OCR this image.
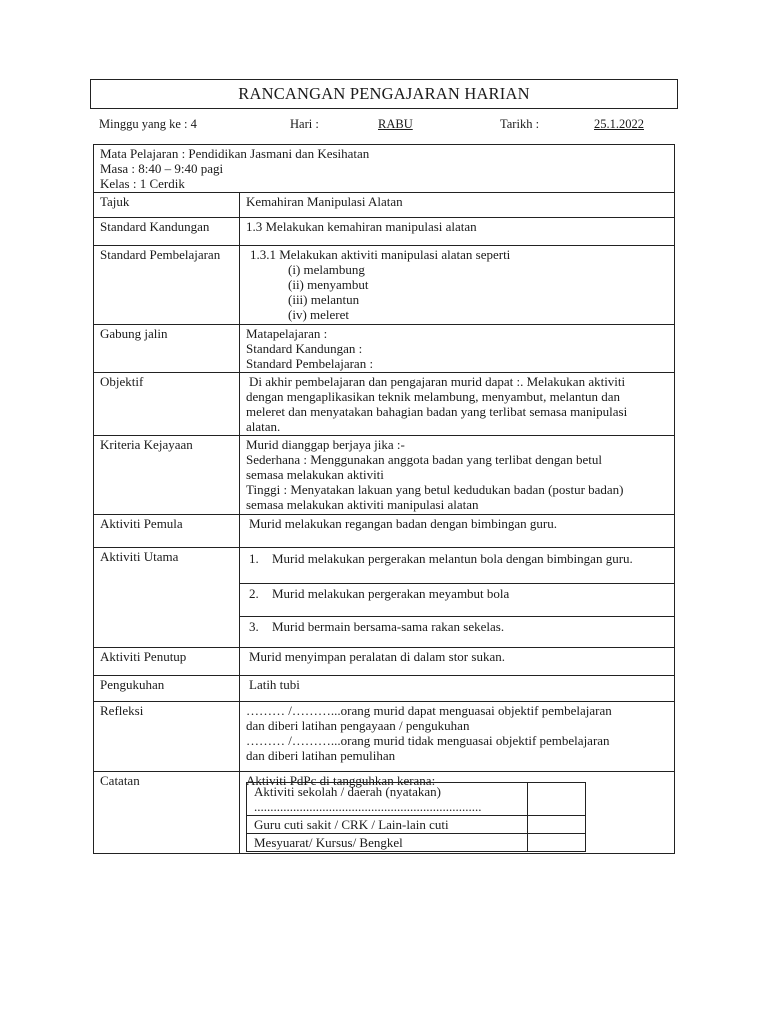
RANCANGAN PENGAJARAN HARIAN
Minggu yang ke : 4	Hari :	RABU	Tarikh :	25.1.2022
Mata Pelajaran : Pendidikan Jasmani dan Kesihatan
Masa : 8:40 – 9:40 pagi
Kelas : 1 Cerdik
Tajuk	Kemahiran Manipulasi Alatan
Standard Kandungan	1.3 Melakukan kemahiran manipulasi alatan
Standard Pembelajaran 1.3.1 Melakukan aktiviti manipulasi alatan seperti
(i) melambung
(ii) menyambut
(iii) melantun
(iv) meleret
Gabung jalin	Matapelajaran :
Standard Kandungan :
Standard Pembelajaran :
Objektif	Di akhir pembelajaran dan pengajaran murid dapat :. Melakukan aktiviti
dengan mengaplikasikan teknik melambung, menyambut, melantun dan
meleret dan menyatakan bahagian badan yang terlibat semasa manipulasi
alatan.
Kriteria Kejayaan	Murid dianggap berjaya jika :-
Sederhana : Menggunakan anggota badan yang terlibat dengan betul
semasa melakukan aktiviti
Tinggi : Menyatakan lakuan yang betul kedudukan badan (postur badan)
semasa melakukan aktiviti manipulasi alatan
Aktiviti Pemula	Murid melakukan regangan badan dengan bimbingan guru.
Aktiviti Utama	1. Murid melakukan pergerakan melantun bola dengan bimbingan guru.
2. Murid melakukan pergerakan meyambut bola
3. Murid bermain bersama-sama rakan sekelas.
Aktiviti Penutup	Murid menyimpan peralatan di dalam stor sukan.
Pengukuhan	Latih tubi
Refleksi	……… /………...orang murid dapat menguasai objektif pembelajaran
dan diberi latihan pengayaan / pengukuhan
……… /………...orang murid tidak menguasai objektif pembelajaran
dan diberi latihan pemulihan
Catatan	Aktiviti PdPc di tangguhkan kerana:
Aktiviti sekolah / daerah (nyatakan)
......................................................................
Guru cuti sakit / CRK / Lain-lain cuti
Mesyuarat/ Kursus/ Bengkel
